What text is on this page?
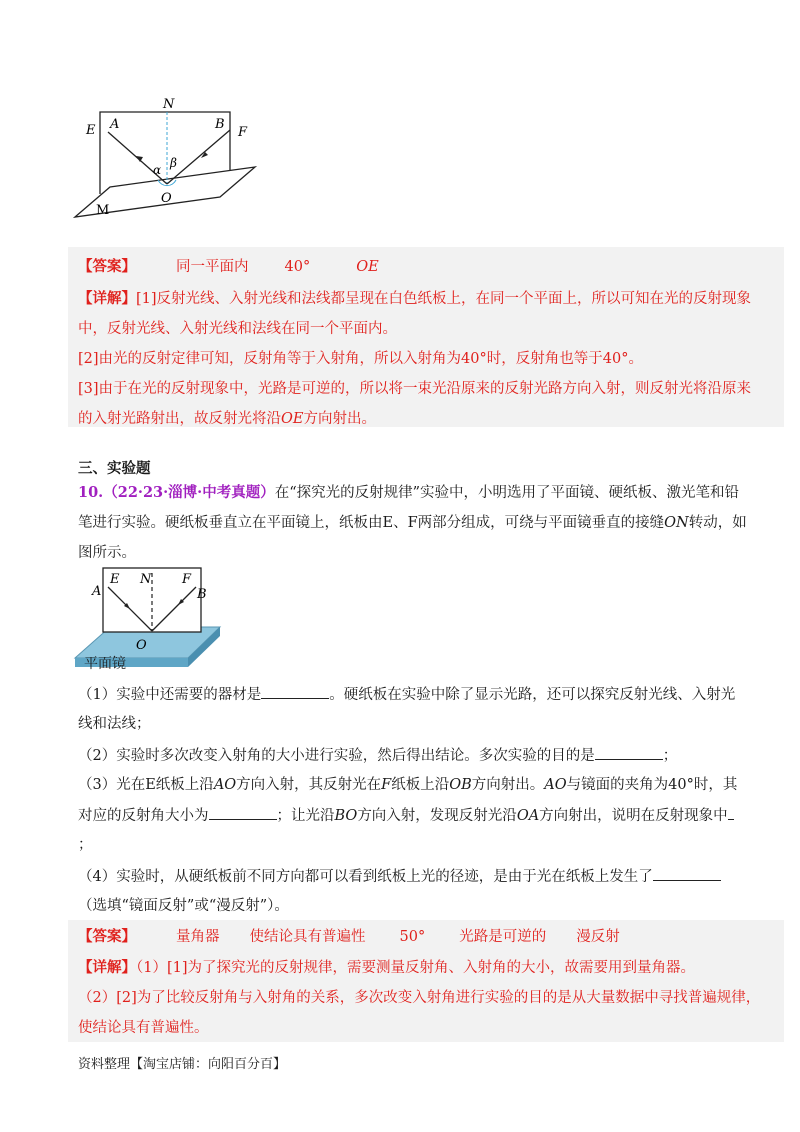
N
E A	B
F
α β
O
M
【答案】	同一平面内 40°	OE
【详解】[1]反射光线、入射光线和法线都呈现在白色纸板上，在同一个平面上，所以可知在光的反射现象
中，反射光线、入射光线和法线在同一个平面内。
[2]由光的反射定律可知，反射角等于入射角，所以入射角为40°时，反射角也等于40°。
[3]由于在光的反射现象中，光路是可逆的，所以将一束光沿原来的反射光路方向入射，则反射光将沿原来
的入射光路射出，故反射光将沿OE方向射出。
三、实验题
10.（22·23·淄博·中考真题）在“探究光的反射规律”实验中，小明选用了平面镜、硬纸板、激光笔和铅
笔进行实验。硬纸板垂直立在平面镜上，纸板由E、F两部分组成，可绕与平面镜垂直的接缝ON转动，如
图所示。
A
E N F
B
O
平面镜
（1）实验中还需要的器材是	。硬纸板在实验中除了显示光路，还可以探究反射光线、入射光
线和法线；
（2）实验时多次改变入射角的大小进行实验，然后得出结论。多次实验的目的是	；
（3）光在E纸板上沿AO方向入射，其反射光在F纸板上沿OB方向射出。AO与镜面的夹角为40°时，其
对应的反射角大小为	；让光沿BO方向入射，发现反射光沿OA方向射出，说明在反射现象中
；
（4）实验时，从硬纸板前不同方向都可以看到纸板上光的径迹，是由于光在纸板上发生了
（选填“镜面反射”或“漫反射”）。
【答案】	量角器 使结论具有普遍性 50° 光路是可逆的 漫反射
【详解】（1）[1]为了探究光的反射规律，需要测量反射角、入射角的大小，故需要用到量角器。
（2）[2]为了比较反射角与入射角的关系，多次改变入射角进行实验的目的是从大量数据中寻找普遍规律，
使结论具有普遍性。
资料整理【淘宝店铺：向阳百分百】
